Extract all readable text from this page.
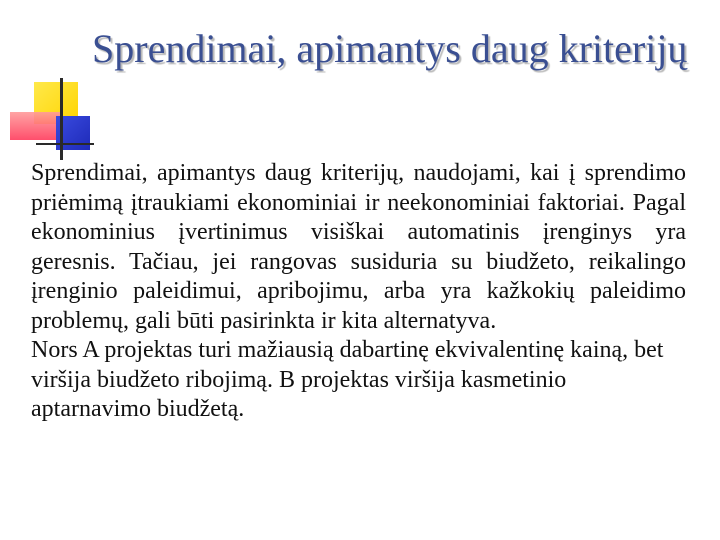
Sprendimai, apimantys daug kriterijų

Sprendimai, apimantys daug kriterijų, naudojami, kai į sprendimo priėmimą įtraukiami ekonominiai ir neekonominiai faktoriai. Pagal ekonominius įvertinimus visiškai automatinis įrenginys yra geresnis. Tačiau, jei rangovas susiduria su biudžeto, reikalingo įrenginio paleidimui, apribojimu, arba yra kažkokių paleidimo problemų, gali būti pasirinkta ir kita alternatyva.

Nors A projektas turi mažiausią dabartinę ekvivalentinę kainą, bet viršija biudžeto ribojimą. B projektas viršija kasmetinio aptarnavimo biudžetą.
